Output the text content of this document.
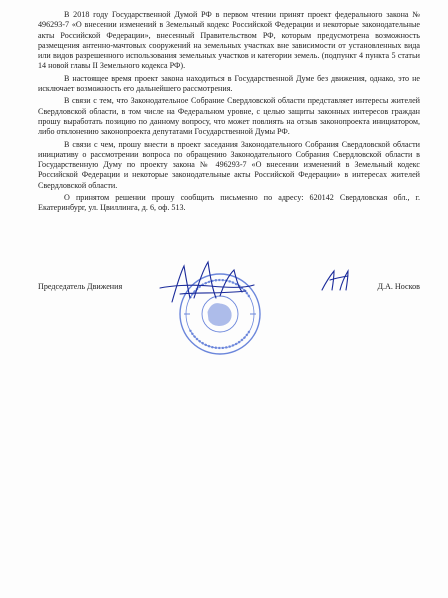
В 2018 году Государственной Думой РФ в первом чтении принят проект федерального закона № 496293-7 «О внесении изменений в Земельный кодекс Российской Федерации и некоторые законодательные акты Российской Федерации», внесенный Правительством РФ, которым предусмотрена возможность размещения антенно-мачтовых сооружений на земельных участках вне зависимости от установленных вида или видов разрешенного использования земельных участков и категории земель. (подпункт 4 пункта 5 статьи 14 новой главы II Земельного кодекса РФ).

В настоящее время проект закона находиться в Государственной Думе без движения, однако, это не исключает возможность его дальнейшего рассмотрения.

В связи с тем, что Законодательное Собрание Свердловской области представляет интересы жителей Свердловской области, в том числе на Федеральном уровне, с целью защиты законных интересов граждан прошу выработать позицию по данному вопросу, что может повлиять на отзыв законопроекта инициатором, либо отклонению законопроекта депутатами Государственной Думы РФ.

В связи с чем, прошу внести в проект заседания Законодательного Собрания Свердловской области инициативу о рассмотрении вопроса по обращению Законодательного Собрания Свердловской области в Государственную Думу по проекту закона № 496293-7 «О внесении изменений в Земельный кодекс Российской Федерации и некоторые законодательные акты Российской Федерации» в интересах жителей Свердловской области.

О принятом решении прошу сообщить письменно по адресу: 620142 Свердловская обл., г. Екатеринбург, ул. Цвиллинга, д. 6, оф. 513.

Председатель Движения	Д.А. Носков
